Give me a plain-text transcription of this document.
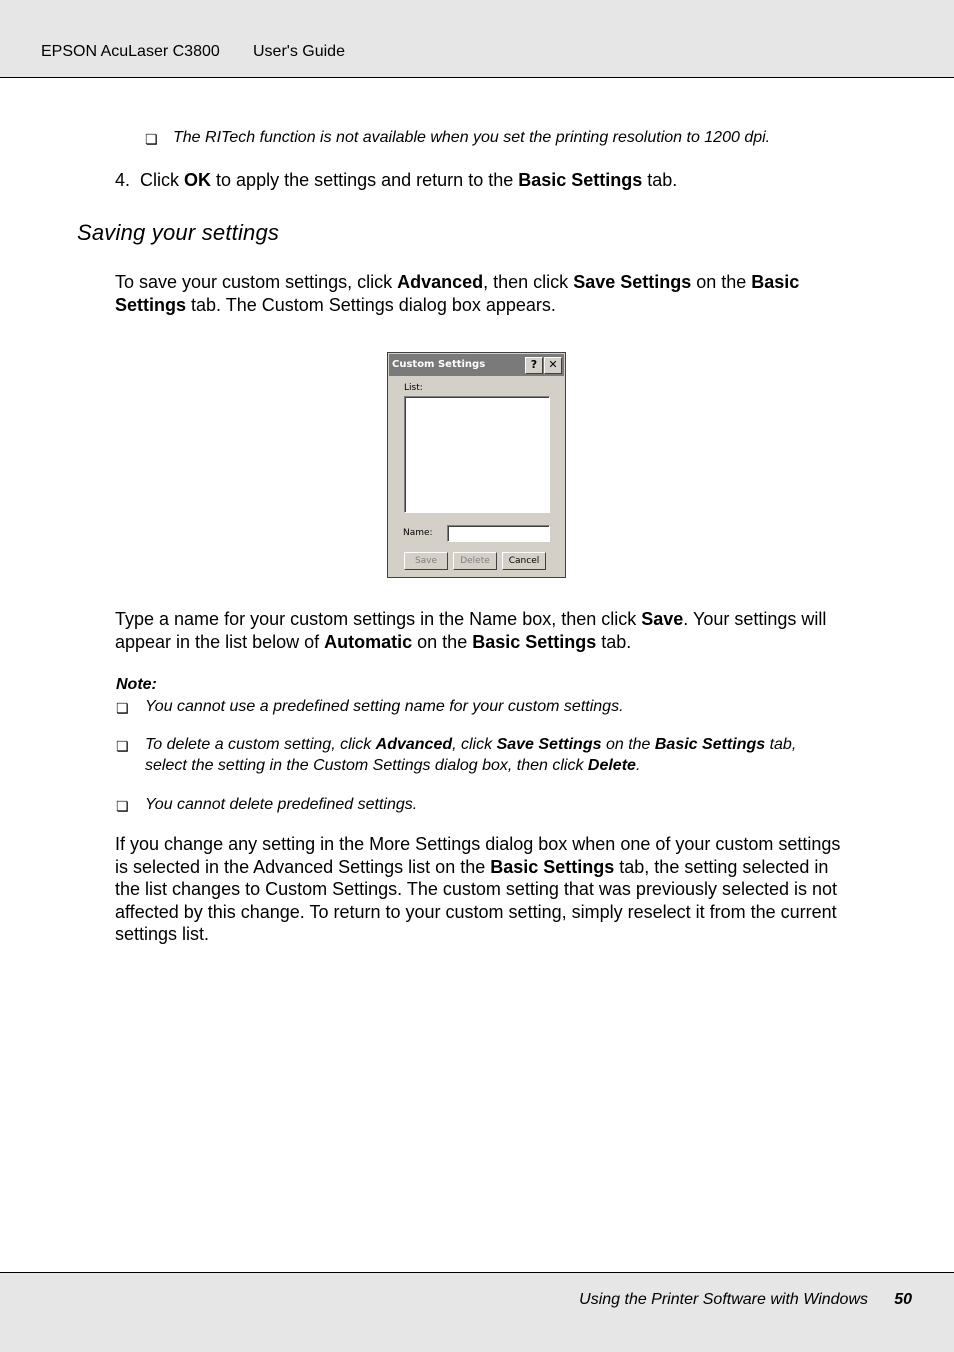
EPSON AcuLaser C3800 User's Guide
❏ The RITech function is not available when you set the printing resolution to 1200 dpi.
4. Click OK to apply the settings and return to the Basic Settings tab.
Saving your settings
To save your custom settings, click Advanced, then click Save Settings on the Basic
Settings tab. The Custom Settings dialog box appears.
Custom Settings	?	✕
List:
Name:
Save	Delete	Cancel
Type a name for your custom settings in the Name box, then click Save. Your settings will
appear in the list below of Automatic on the Basic Settings tab.
Note:
❏ You cannot use a predefined setting name for your custom settings.
❏ To delete a custom setting, click Advanced, click Save Settings on the Basic Settings tab,
select the setting in the Custom Settings dialog box, then click Delete.
❏ You cannot delete predefined settings.
If you change any setting in the More Settings dialog box when one of your custom settings
is selected in the Advanced Settings list on the Basic Settings tab, the setting selected in
the list changes to Custom Settings. The custom setting that was previously selected is not
affected by this change. To return to your custom setting, simply reselect it from the current
settings list.
Using the Printer Software with Windows 50
